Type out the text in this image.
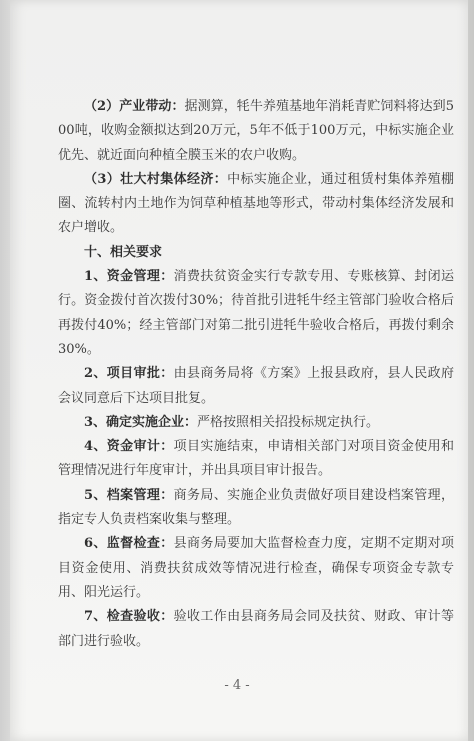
（2）产业带动：据测算，牦牛养殖基地年消耗青贮饲料将达到500吨，收购金额拟达到20万元，5年不低于100万元，中标实施企业优先、就近面向种植全膜玉米的农户收购。

（3）壮大村集体经济：中标实施企业，通过租赁村集体养殖棚圈、流转村内土地作为饲草种植基地等形式，带动村集体经济发展和农户增收。

十、相关要求

1、资金管理：消费扶贫资金实行专款专用、专账核算、封闭运行。资金拨付首次拨付30%；待首批引进牦牛经主管部门验收合格后再拨付40%；经主管部门对第二批引进牦牛验收合格后，再拨付剩余30%。

2、项目审批：由县商务局将《方案》上报县政府，县人民政府会议同意后下达项目批复。

3、确定实施企业：严格按照相关招投标规定执行。

4、资金审计：项目实施结束，申请相关部门对项目资金使用和管理情况进行年度审计，并出具项目审计报告。

5、档案管理：商务局、实施企业负责做好项目建设档案管理，指定专人负责档案收集与整理。

6、监督检查：县商务局要加大监督检查力度，定期不定期对项目资金使用、消费扶贫成效等情况进行检查，确保专项资金专款专用、阳光运行。

7、检查验收：验收工作由县商务局会同及扶贫、财政、审计等部门进行验收。

- 4 -
